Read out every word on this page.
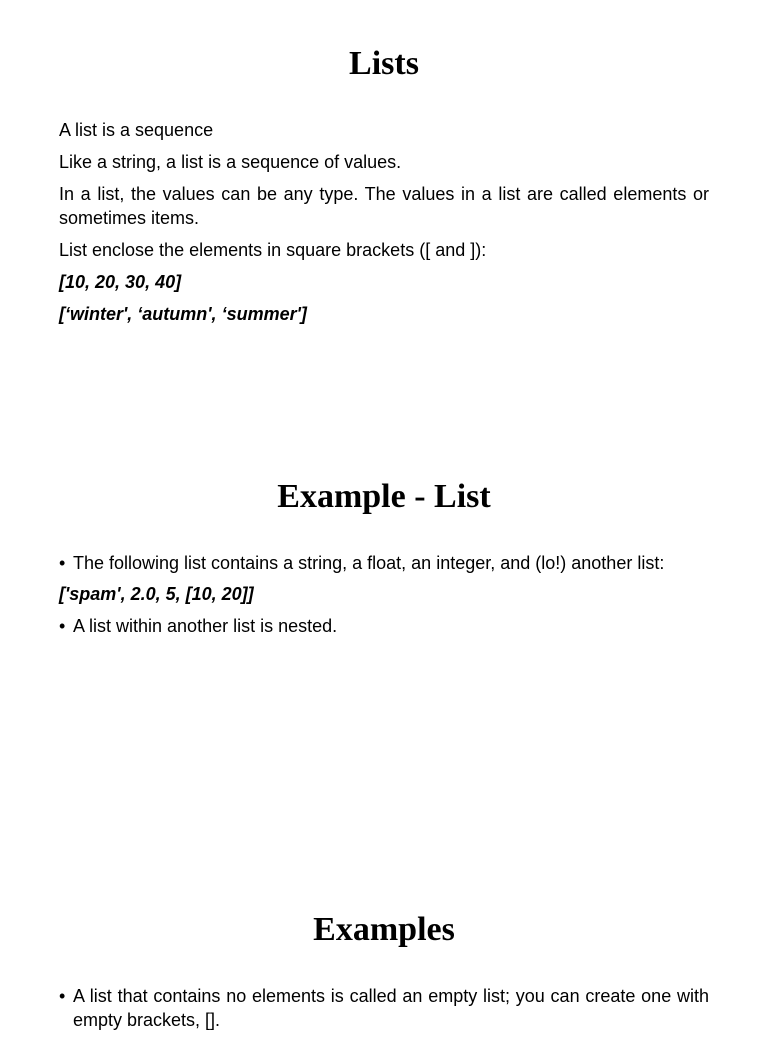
Lists

A list is a sequence

Like a string, a list is a sequence of values.

In a list, the values can be any type. The values in a list are called elements or sometimes items.

List enclose the elements in square brackets ([ and ]):

[10, 20, 30, 40]

[‘winter', ‘autumn', ‘summer']

Example - List
• The following list contains a string, a float, an integer, and (lo!) another list:

['spam', 2.0, 5, [10, 20]]

• A list within another list is nested.
Examples
• A list that contains no elements is called an empty list; you can create one with empty brackets, [].
